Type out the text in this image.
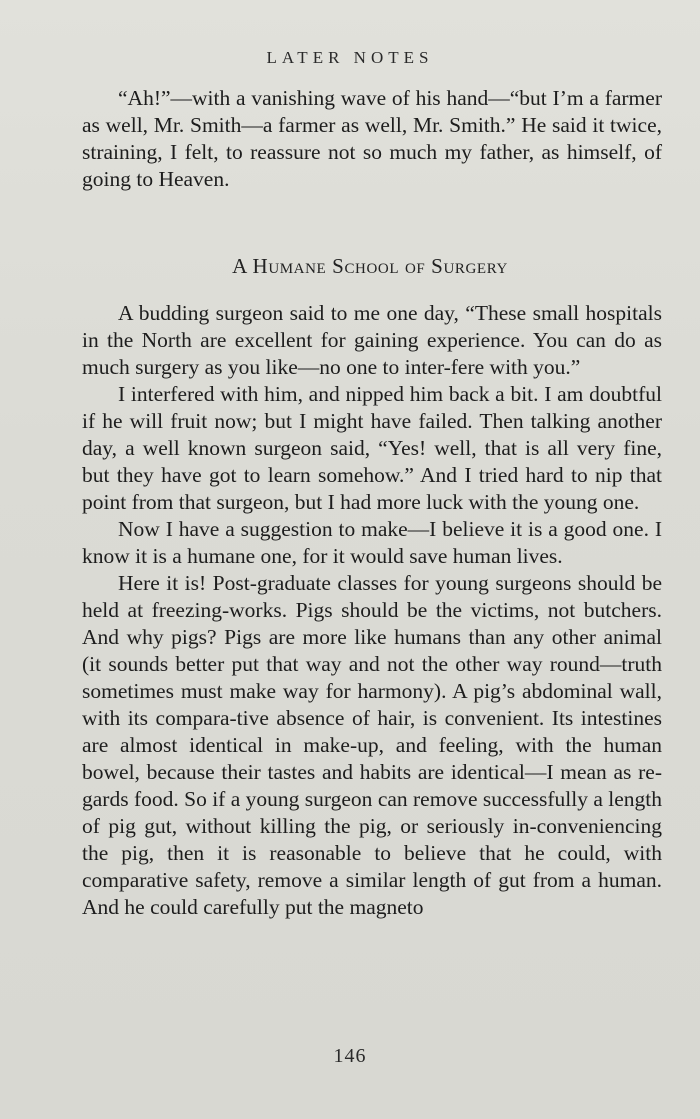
LATER NOTES

“Ah!”—with a vanishing wave of his hand—“but I’m a farmer as well, Mr. Smith—a farmer as well, Mr. Smith.” He said it twice, straining, I felt, to reassure not so much my father, as himself, of going to Heaven.

A Humane School of Surgery

A budding surgeon said to me one day, “These small hospitals in the North are excellent for gaining experience. You can do as much surgery as you like—no one to inter-fere with you.”

I interfered with him, and nipped him back a bit. I am doubtful if he will fruit now; but I might have failed. Then talking another day, a well known surgeon said, “Yes! well, that is all very fine, but they have got to learn somehow.” And I tried hard to nip that point from that surgeon, but I had more luck with the young one.

Now I have a suggestion to make—I believe it is a good one. I know it is a humane one, for it would save human lives.

Here it is! Post-graduate classes for young surgeons should be held at freezing-works. Pigs should be the victims, not butchers. And why pigs? Pigs are more like humans than any other animal (it sounds better put that way and not the other way round—truth sometimes must make way for harmony). A pig’s abdominal wall, with its compara-tive absence of hair, is convenient. Its intestines are almost identical in make-up, and feeling, with the human bowel, because their tastes and habits are identical—I mean as re-gards food. So if a young surgeon can remove successfully a length of pig gut, without killing the pig, or seriously in-conveniencing the pig, then it is reasonable to believe that he could, with comparative safety, remove a similar length of gut from a human. And he could carefully put the magneto

146
